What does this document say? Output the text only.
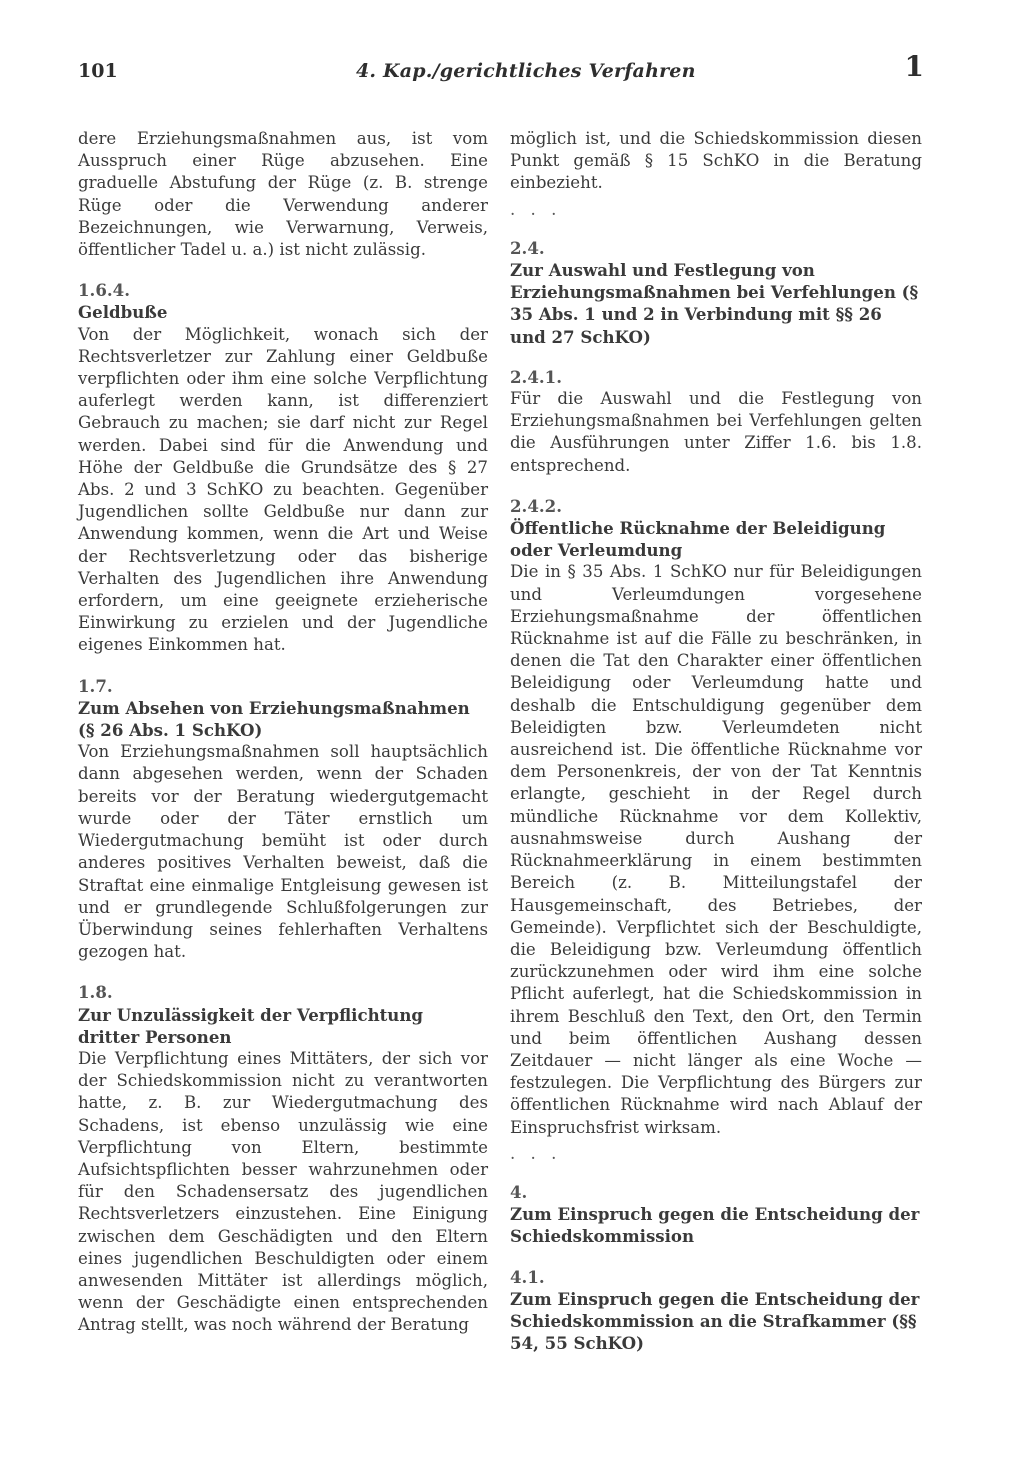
101	4. Kap./gerichtliches Verfahren	1
dere Erziehungsmaßnahmen aus, ist vom Ausspruch einer Rüge abzusehen. Eine graduelle Abstufung der Rüge (z. B. strenge Rüge oder die Verwendung anderer Bezeichnungen, wie Verwarnung, Verweis, öffentlicher Tadel u. a.) ist nicht zulässig.
1.6.4.
Geldbuße
Von der Möglichkeit, wonach sich der Rechtsverletzer zur Zahlung einer Geldbuße verpflichten oder ihm eine solche Verpflichtung auferlegt werden kann, ist differenziert Gebrauch zu machen; sie darf nicht zur Regel werden. Dabei sind für die Anwendung und Höhe der Geldbuße die Grundsätze des § 27 Abs. 2 und 3 SchKO zu beachten. Gegenüber Jugendlichen sollte Geldbuße nur dann zur Anwendung kommen, wenn die Art und Weise der Rechtsverletzung oder das bisherige Verhalten des Jugendlichen ihre Anwendung erfordern, um eine geeignete erzieherische Einwirkung zu erzielen und der Jugendliche eigenes Einkommen hat.
1.7.
Zum Absehen von Erziehungsmaßnahmen (§ 26 Abs. 1 SchKO)
Von Erziehungsmaßnahmen soll hauptsächlich dann abgesehen werden, wenn der Schaden bereits vor der Beratung wiedergutgemacht wurde oder der Täter ernstlich um Wiedergutmachung bemüht ist oder durch anderes positives Verhalten beweist, daß die Straftat eine einmalige Entgleisung gewesen ist und er grundlegende Schlußfolgerungen zur Überwindung seines fehlerhaften Verhaltens gezogen hat.
1.8.
Zur Unzulässigkeit der Verpflichtung dritter Personen
Die Verpflichtung eines Mittäters, der sich vor der Schiedskommission nicht zu verantworten hatte, z. B. zur Wiedergutmachung des Schadens, ist ebenso unzulässig wie eine Verpflichtung von Eltern, bestimmte Aufsichtspflichten besser wahrzunehmen oder für den Schadensersatz des jugendlichen Rechtsverletzers einzustehen. Eine Einigung zwischen dem Geschädigten und den Eltern eines jugendlichen Beschuldigten oder einem anwesenden Mittäter ist allerdings möglich, wenn der Geschädigte einen entsprechenden Antrag stellt, was noch während der Beratung
möglich ist, und die Schiedskommission diesen Punkt gemäß § 15 SchKO in die Beratung einbezieht.
. . .
2.4.
Zur Auswahl und Festlegung von Erziehungsmaßnahmen bei Verfehlungen (§ 35 Abs. 1 und 2 in Verbindung mit §§ 26 und 27 SchKO)
2.4.1.
Für die Auswahl und die Festlegung von Erziehungsmaßnahmen bei Verfehlungen gelten die Ausführungen unter Ziffer 1.6. bis 1.8. entsprechend.
2.4.2.
Öffentliche Rücknahme der Beleidigung oder Verleumdung
Die in § 35 Abs. 1 SchKO nur für Beleidigungen und Verleumdungen vorgesehene Erziehungsmaßnahme der öffentlichen Rücknahme ist auf die Fälle zu beschränken, in denen die Tat den Charakter einer öffentlichen Beleidigung oder Verleumdung hatte und deshalb die Entschuldigung gegenüber dem Beleidigten bzw. Verleumdeten nicht ausreichend ist. Die öffentliche Rücknahme vor dem Personenkreis, der von der Tat Kenntnis erlangte, geschieht in der Regel durch mündliche Rücknahme vor dem Kollektiv, ausnahmsweise durch Aushang der Rücknahmeerklärung in einem bestimmten Bereich (z. B. Mitteilungstafel der Hausgemeinschaft, des Betriebes, der Gemeinde). Verpflichtet sich der Beschuldigte, die Beleidigung bzw. Verleumdung öffentlich zurückzunehmen oder wird ihm eine solche Pflicht auferlegt, hat die Schiedskommission in ihrem Beschluß den Text, den Ort, den Termin und beim öffentlichen Aushang dessen Zeitdauer — nicht länger als eine Woche — festzulegen. Die Verpflichtung des Bürgers zur öffentlichen Rücknahme wird nach Ablauf der Einspruchsfrist wirksam.
. . .
4.
Zum Einspruch gegen die Entscheidung der Schiedskommission
4.1.
Zum Einspruch gegen die Entscheidung der Schiedskommission an die Strafkammer (§§ 54, 55 SchKO)
